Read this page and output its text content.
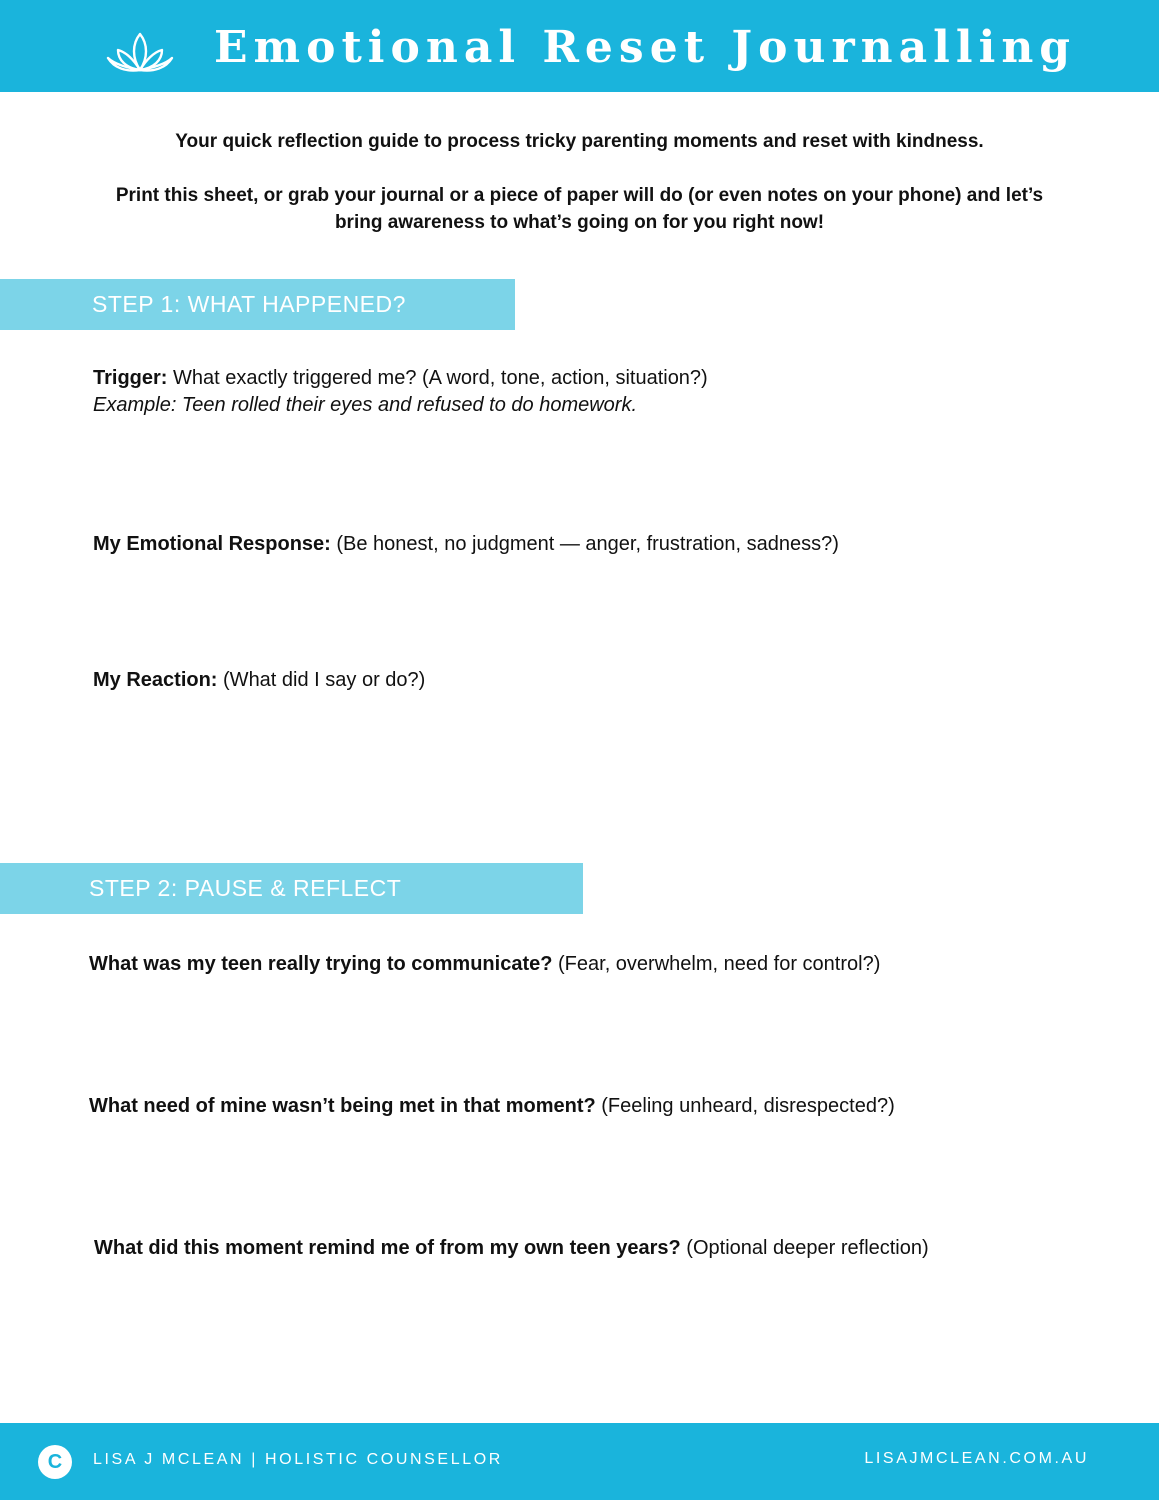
Emotional Reset Journalling
Your quick reflection guide to process tricky parenting moments and reset with kindness.
Print this sheet, or grab your journal or a piece of paper will do (or even notes on your phone) and let’s
bring awareness to what’s going on for you right now!
STEP 1: WHAT HAPPENED?
Trigger: What exactly triggered me? (A word, tone, action, situation?)
Example: Teen rolled their eyes and refused to do homework.
My Emotional Response: (Be honest, no judgment — anger, frustration, sadness?)
My Reaction: (What did I say or do?)
STEP 2: PAUSE & REFLECT
What was my teen really trying to communicate? (Fear, overwhelm, need for control?)
What need of mine wasn’t being met in that moment? (Feeling unheard, disrespected?)
What did this moment remind me of from my own teen years? (Optional deeper reflection)
C	LISA J MCLEAN | HOLISTIC COUNSELLOR	LISAJMCLEAN.COM.AU
